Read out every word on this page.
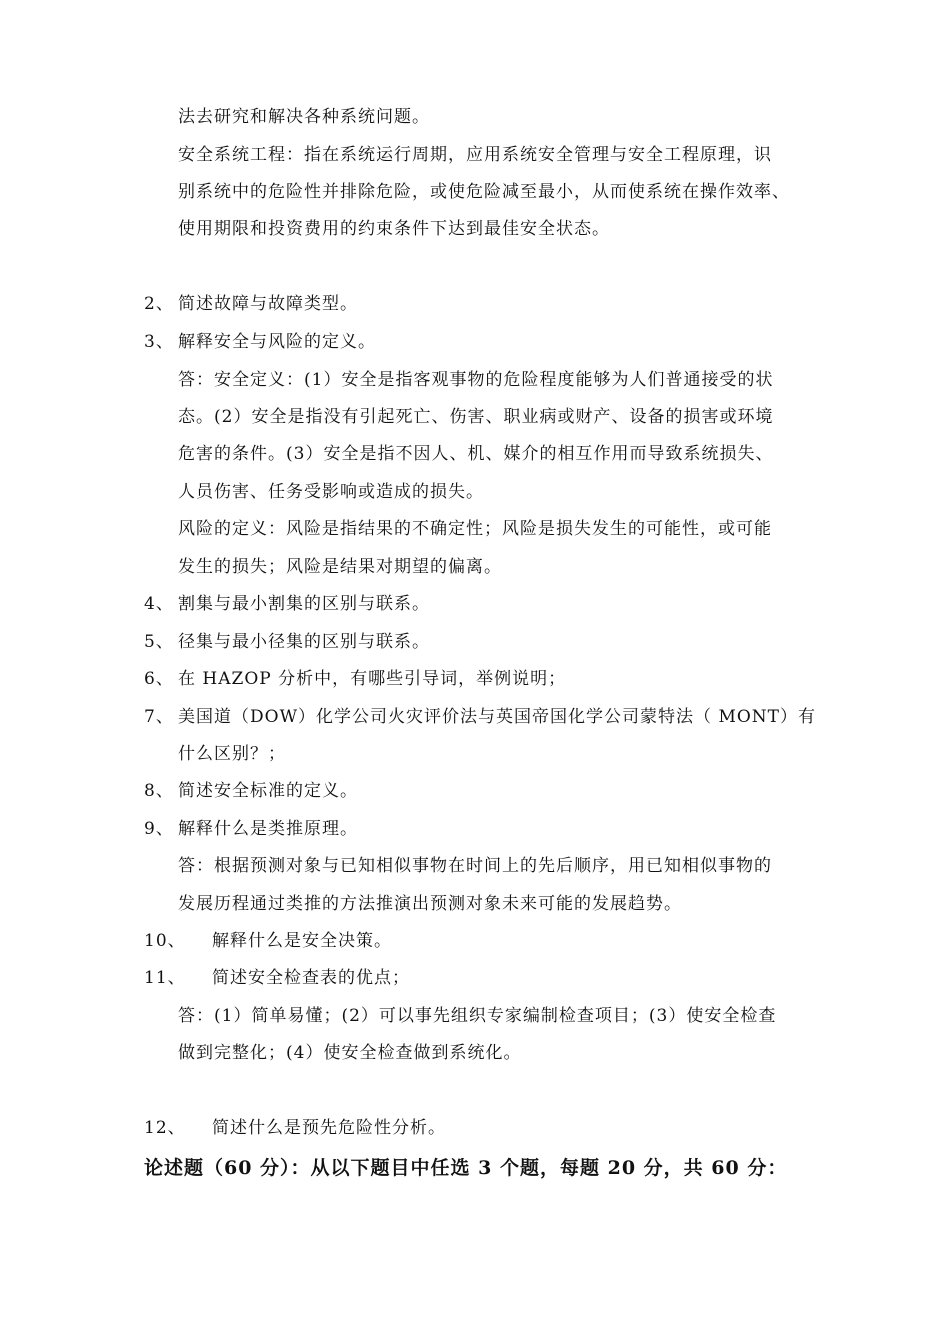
法去研究和解决各种系统问题。
安全系统工程：指在系统运行周期，应用系统安全管理与安全工程原理，识
别系统中的危险性并排除危险，或使危险减至最小，从而使系统在操作效率、
使用期限和投资费用的约束条件下达到最佳安全状态。
2、 简述故障与故障类型。
3、 解释安全与风险的定义。
答：安全定义：(1）安全是指客观事物的危险程度能够为人们普通接受的状
态。(2）安全是指没有引起死亡、伤害、职业病或财产、设备的损害或环境
危害的条件。(3）安全是指不因人、机、媒介的相互作用而导致系统损失、
人员伤害、任务受影响或造成的损失。
风险的定义：风险是指结果的不确定性；风险是损失发生的可能性，或可能
发生的损失；风险是结果对期望的偏离。
4、 割集与最小割集的区别与联系。
5、 径集与最小径集的区别与联系。
6、 在 HAZOP 分析中，有哪些引导词，举例说明；
7、 美国道（DOW）化学公司火灾评价法与英国帝国化学公司蒙特法（ MONT）有
什么区别？；
8、 简述安全标准的定义。
9、 解释什么是类推原理。
答：根据预测对象与已知相似事物在时间上的先后顺序，用已知相似事物的
发展历程通过类推的方法推演出预测对象未来可能的发展趋势。
10、 解释什么是安全决策。
11、 简述安全检查表的优点；
答：(1）简单易懂；(2）可以事先组织专家编制检查项目；(3）使安全检查
做到完整化；(4）使安全检查做到系统化。
12、 简述什么是预先危险性分析。
论述题（60 分）：从以下题目中任选 3 个题，每题 20 分，共 60 分：
